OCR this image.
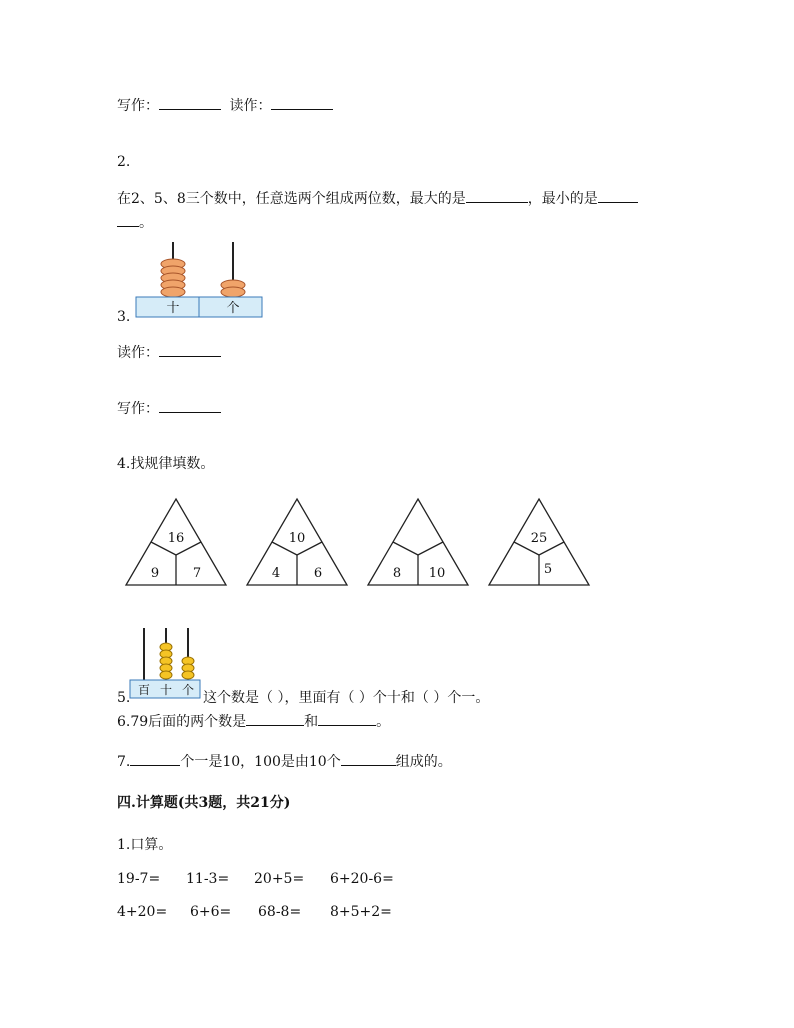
写作：	读作：
2.
在2、5、8三个数中，任意选两个组成两位数，最大的是	，最小的是
。
3.
十	个
读作：
写作：
4.找规律填数。
16
9	7
10
4	6	8 10
25
5
百 十 个
5.	这个数是（ ），里面有（ ）个十和（ ）个一。
6.79后面的两个数是	和	。
7.	个一是10，100是由10个	组成的。
四.计算题(共3题，共21分)
1.口算。
19-7= 11-3= 20+5= 6+20-6=
4+20= 6+6= 68-8= 8+5+2=
